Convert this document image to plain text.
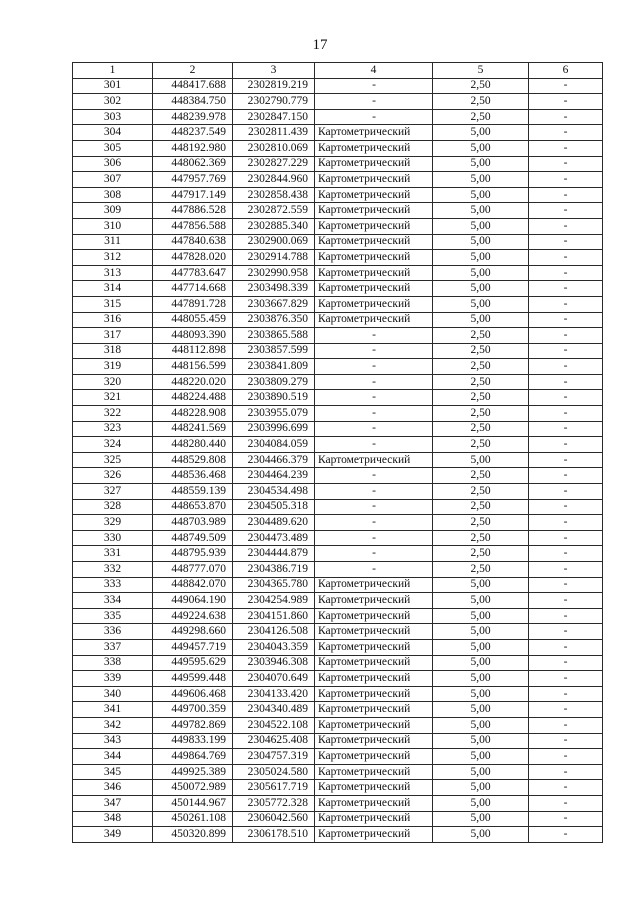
17
1	2	3	4	5	6
301	448417.688	2302819.219	-	2,50	-
302	448384.750	2302790.779	-	2,50	-
303	448239.978	2302847.150	-	2,50	-
304	448237.549	2302811.439	Картометрический	5,00	-
305	448192.980	2302810.069	Картометрический	5,00	-
306	448062.369	2302827.229	Картометрический	5,00	-
307	447957.769	2302844.960	Картометрический	5,00	-
308	447917.149	2302858.438	Картометрический	5,00	-
309	447886.528	2302872.559	Картометрический	5,00	-
310	447856.588	2302885.340	Картометрический	5,00	-
311	447840.638	2302900.069	Картометрический	5,00	-
312	447828.020	2302914.788	Картометрический	5,00	-
313	447783.647	2302990.958	Картометрический	5,00	-
314	447714.668	2303498.339	Картометрический	5,00	-
315	447891.728	2303667.829	Картометрический	5,00	-
316	448055.459	2303876.350	Картометрический	5,00	-
317	448093.390	2303865.588	-	2,50	-
318	448112.898	2303857.599	-	2,50	-
319	448156.599	2303841.809	-	2,50	-
320	448220.020	2303809.279	-	2,50	-
321	448224.488	2303890.519	-	2,50	-
322	448228.908	2303955.079	-	2,50	-
323	448241.569	2303996.699	-	2,50	-
324	448280.440	2304084.059	-	2,50	-
325	448529.808	2304466.379	Картометрический	5,00	-
326	448536.468	2304464.239	-	2,50	-
327	448559.139	2304534.498	-	2,50	-
328	448653.870	2304505.318	-	2,50	-
329	448703.989	2304489.620	-	2,50	-
330	448749.509	2304473.489	-	2,50	-
331	448795.939	2304444.879	-	2,50	-
332	448777.070	2304386.719	-	2,50	-
333	448842.070	2304365.780	Картометрический	5,00	-
334	449064.190	2304254.989	Картометрический	5,00	-
335	449224.638	2304151.860	Картометрический	5,00	-
336	449298.660	2304126.508	Картометрический	5,00	-
337	449457.719	2304043.359	Картометрический	5,00	-
338	449595.629	2303946.308	Картометрический	5,00	-
339	449599.448	2304070.649	Картометрический	5,00	-
340	449606.468	2304133.420	Картометрический	5,00	-
341	449700.359	2304340.489	Картометрический	5,00	-
342	449782.869	2304522.108	Картометрический	5,00	-
343	449833.199	2304625.408	Картометрический	5,00	-
344	449864.769	2304757.319	Картометрический	5,00	-
345	449925.389	2305024.580	Картометрический	5,00	-
346	450072.989	2305617.719	Картометрический	5,00	-
347	450144.967	2305772.328	Картометрический	5,00	-
348	450261.108	2306042.560	Картометрический	5,00	-
349	450320.899	2306178.510	Картометрический	5,00	-
